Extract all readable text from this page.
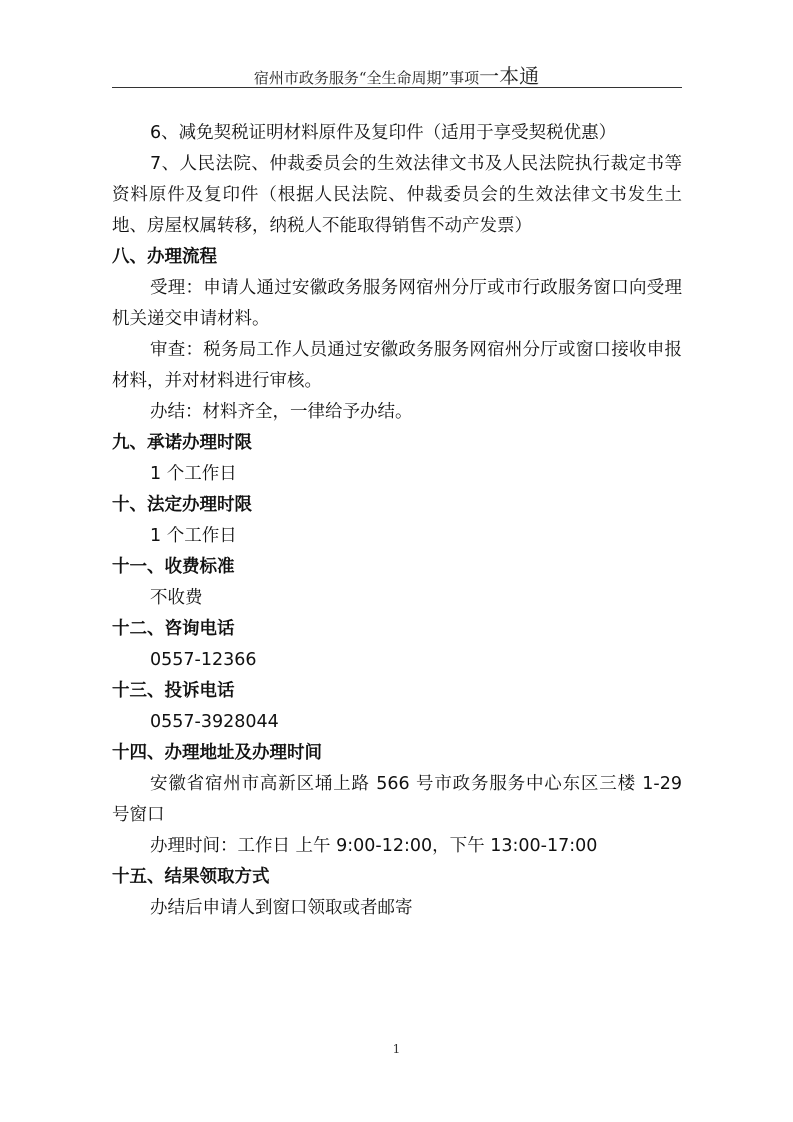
宿州市政务服务“全生命周期”事项一本通

6、减免契税证明材料原件及复印件（适用于享受契税优惠）

7、人民法院、仲裁委员会的生效法律文书及人民法院执行裁定书等资料原件及复印件（根据人民法院、仲裁委员会的生效法律文书发生土地、房屋权属转移，纳税人不能取得销售不动产发票）

八、办理流程

受理：申请人通过安徽政务服务网宿州分厅或市行政服务窗口向受理机关递交申请材料。

审查：税务局工作人员通过安徽政务服务网宿州分厅或窗口接收申报材料，并对材料进行审核。

办结：材料齐全，一律给予办结。

九、承诺办理时限

1 个工作日

十、法定办理时限

1 个工作日

十一、收费标准

不收费

十二、咨询电话

0557-12366

十三、投诉电话

0557-3928044

十四、办理地址及办理时间

安徽省宿州市高新区埇上路 566 号市政务服务中心东区三楼 1-29 号窗口

办理时间：工作日 上午 9:00-12:00，下午 13:00-17:00

十五、结果领取方式

办结后申请人到窗口领取或者邮寄

1
